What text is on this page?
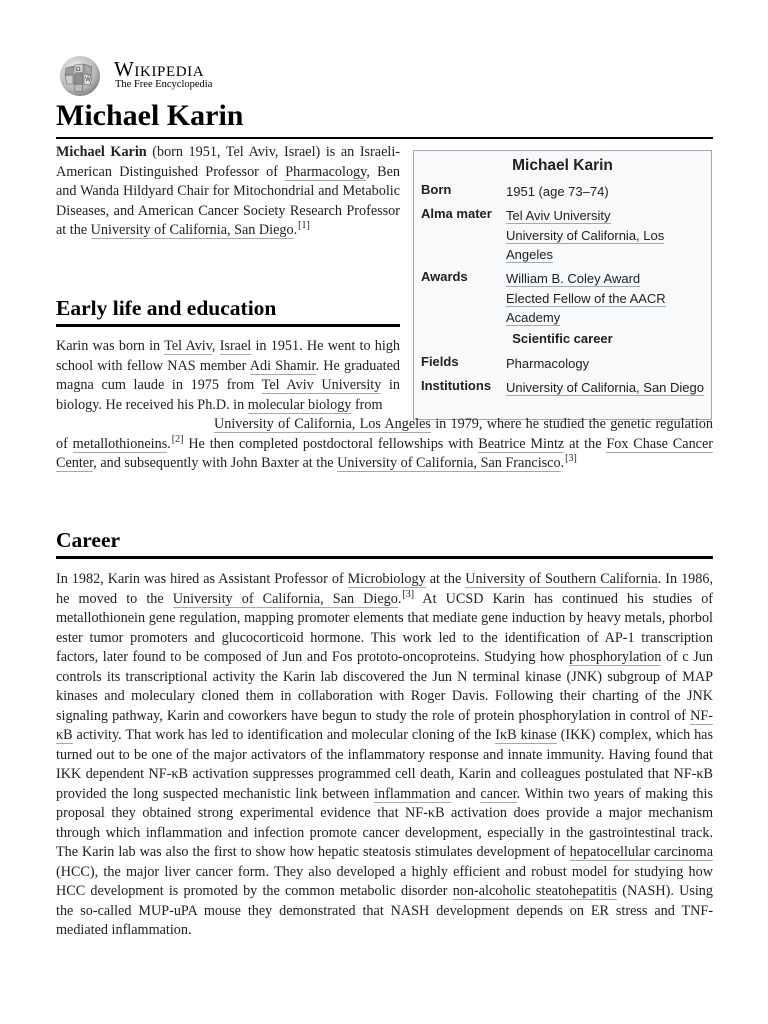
Ω
W Wikipedia
The Free Encyclopedia
Michael Karin

Michael Karin (born 1951, Tel Aviv, Israel) is an Israeli-American Distinguished Professor of Pharmacology, Ben and Wanda Hildyard Chair for Mitochondrial and Metabolic Diseases, and American Cancer Society Research Professor at the University of California, San Diego.[1]

Michael Karin
Born	1951 (age 73–74)
Alma mater	Tel Aviv University
University of California, Los Angeles
Awards	William B. Coley Award
Elected Fellow of the AACR Academy
Scientific career
Fields	Pharmacology
Institutions	University of California, San Diego
Early life and education

Karin was born in Tel Aviv, Israel in 1951. He went to high school with fellow NAS member Adi Shamir. He graduated magna cum laude in 1975 from Tel Aviv University in biology. He received his Ph.D. in molecular biology from

University of California, Los Angeles in 1979, where he studied the genetic regulation of metallothioneins.[2] He then completed postdoctoral fellowships with Beatrice Mintz at the Fox Chase Cancer Center, and subsequently with John Baxter at the University of California, San Francisco.[3]

Career

In 1982, Karin was hired as Assistant Professor of Microbiology at the University of Southern California. In 1986, he moved to the University of California, San Diego.[3] At UCSD Karin has continued his studies of metallothionein gene regulation, mapping promoter elements that mediate gene induction by heavy metals, phorbol ester tumor promoters and glucocorticoid hormone. This work led to the identification of AP-1 transcription factors, later found to be composed of Jun and Fos prototo-oncoproteins. Studying how phosphorylation of c Jun controls its transcriptional activity the Karin lab discovered the Jun N terminal kinase (JNK) subgroup of MAP kinases and moleculary cloned them in collaboration with Roger Davis. Following their charting of the JNK signaling pathway, Karin and coworkers have begun to study the role of protein phosphorylation in control of NF-κB activity. That work has led to identification and molecular cloning of the IκB kinase (IKK) complex, which has turned out to be one of the major activators of the inflammatory response and innate immunity. Having found that IKK dependent NF-κB activation suppresses programmed cell death, Karin and colleagues postulated that NF-κB provided the long suspected mechanistic link between inflammation and cancer. Within two years of making this proposal they obtained strong experimental evidence that NF-κB activation does provide a major mechanism through which inflammation and infection promote cancer development, especially in the gastrointestinal track. The Karin lab was also the first to show how hepatic steatosis stimulates development of hepatocellular carcinoma (HCC), the major liver cancer form. They also developed a highly efficient and robust model for studying how HCC development is promoted by the common metabolic disorder non-alcoholic steatohepatitis (NASH). Using the so-called MUP-uPA mouse they demonstrated that NASH development depends on ER stress and TNF-mediated inflammation.
